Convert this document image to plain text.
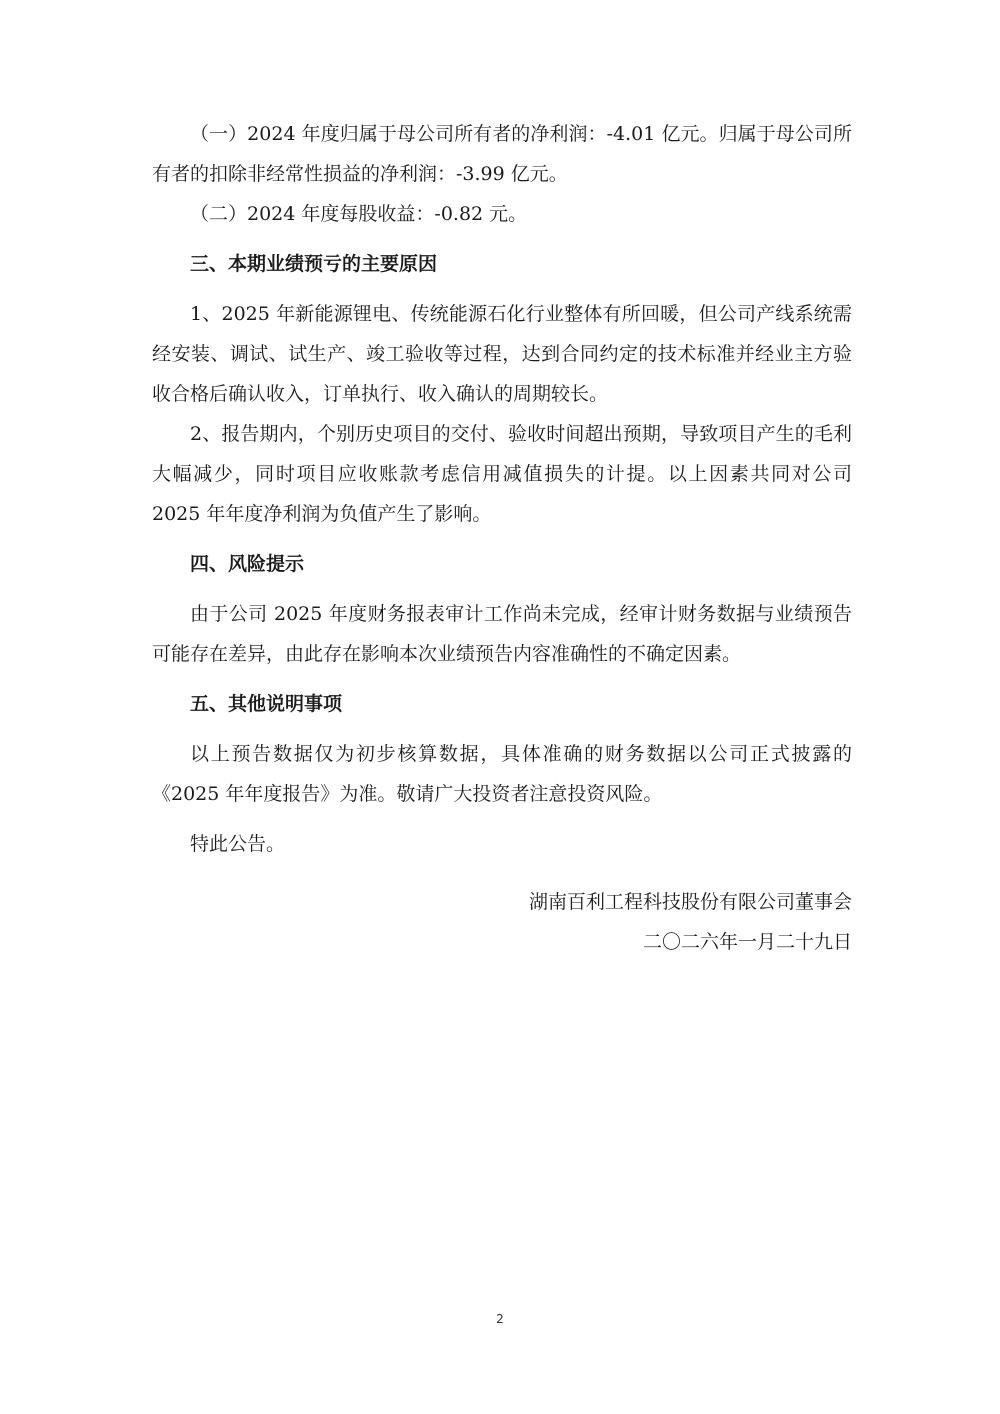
（一）2024 年度归属于母公司所有者的净利润：-4.01 亿元。归属于母公司所有者的扣除非经常性损益的净利润：-3.99 亿元。

（二）2024 年度每股收益：-0.82 元。

三、本期业绩预亏的主要原因

1、2025 年新能源锂电、传统能源石化行业整体有所回暖，但公司产线系统需经安装、调试、试生产、竣工验收等过程，达到合同约定的技术标准并经业主方验收合格后确认收入，订单执行、收入确认的周期较长。

2、报告期内，个别历史项目的交付、验收时间超出预期，导致项目产生的毛利大幅减少，同时项目应收账款考虑信用减值损失的计提。以上因素共同对公司 2025 年年度净利润为负值产生了影响。

四、风险提示

由于公司 2025 年度财务报表审计工作尚未完成，经审计财务数据与业绩预告可能存在差异，由此存在影响本次业绩预告内容准确性的不确定因素。

五、其他说明事项

以上预告数据仅为初步核算数据，具体准确的财务数据以公司正式披露的《2025 年年度报告》为准。敬请广大投资者注意投资风险。

特此公告。

湖南百利工程科技股份有限公司董事会
二〇二六年一月二十九日
2
